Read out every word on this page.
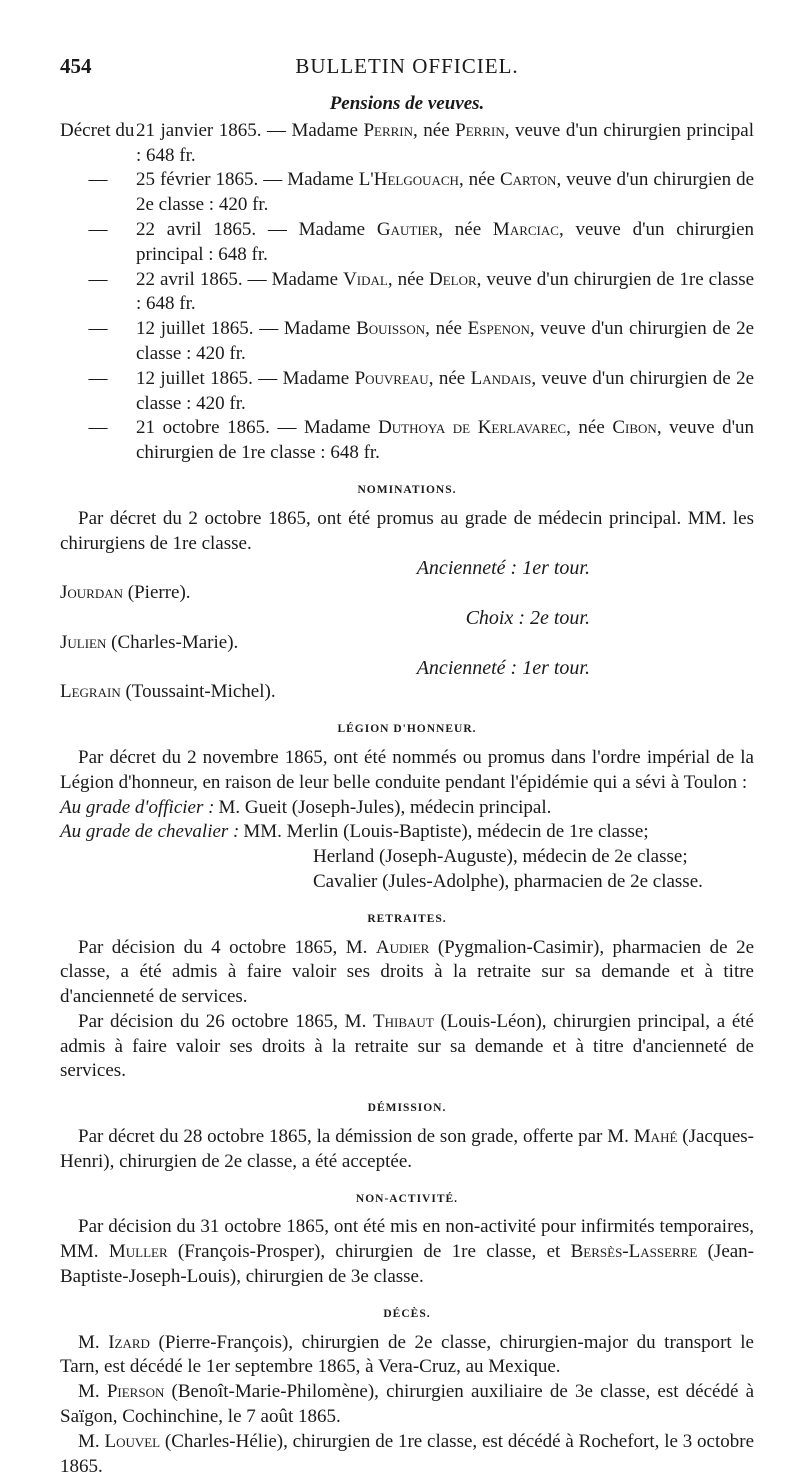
454	BULLETIN OFFICIEL.
Pensions de veuves.
Décret du 21 janvier 1865. — Madame Perrin, née Perrin, veuve d'un chirurgien principal : 648 fr.
—	25 février 1865. — Madame L'Helgouach, née Carton, veuve d'un chirurgien de 2e classe : 420 fr.
—	22 avril 1865. — Madame Gautier, née Marciac, veuve d'un chirurgien principal : 648 fr.
—	22 avril 1865. — Madame Vidal, née Delor, veuve d'un chirurgien de 1re classe : 648 fr.
—	12 juillet 1865. — Madame Bouisson, née Espenon, veuve d'un chirurgien de 2e classe : 420 fr.
—	12 juillet 1865. — Madame Pouvreau, née Landais, veuve d'un chirurgien de 2e classe : 420 fr.
—	21 octobre 1865. — Madame Duthoya de Kerlavarec, née Cibon, veuve d'un chirurgien de 1re classe : 648 fr.
NOMINATIONS.

Par décret du 2 octobre 1865, ont été promus au grade de médecin principal. MM. les chirurgiens de 1re classe.

Ancienneté : 1er tour.

Jourdan (Pierre).

Choix : 2e tour.

Julien (Charles-Marie).

Ancienneté : 1er tour.

Legrain (Toussaint-Michel).

LÉGION D'HONNEUR.

Par décret du 2 novembre 1865, ont été nommés ou promus dans l'ordre impérial de la Légion d'honneur, en raison de leur belle conduite pendant l'épidémie qui a sévi à Toulon :

Au grade d'officier : M. Gueit (Joseph-Jules), médecin principal.
Au grade de chevalier : MM. Merlin (Louis-Baptiste), médecin de 1re classe;

Herland (Joseph-Auguste), médecin de 2e classe;

Cavalier (Jules-Adolphe), pharmacien de 2e classe.

RETRAITES.

Par décision du 4 octobre 1865, M. Audier (Pygmalion-Casimir), pharmacien de 2e classe, a été admis à faire valoir ses droits à la retraite sur sa demande et à titre d'ancienneté de services.

Par décision du 26 octobre 1865, M. Thibaut (Louis-Léon), chirurgien principal, a été admis à faire valoir ses droits à la retraite sur sa demande et à titre d'ancienneté de services.

DÉMISSION.

Par décret du 28 octobre 1865, la démission de son grade, offerte par M. Mahé (Jacques-Henri), chirurgien de 2e classe, a été acceptée.

NON-ACTIVITÉ.

Par décision du 31 octobre 1865, ont été mis en non-activité pour infirmités temporaires, MM. Muller (François-Prosper), chirurgien de 1re classe, et Bersès-Lasserre (Jean-Baptiste-Joseph-Louis), chirurgien de 3e classe.

DÉCÈS.

M. Izard (Pierre-François), chirurgien de 2e classe, chirurgien-major du transport le Tarn, est décédé le 1er septembre 1865, à Vera-Cruz, au Mexique.

M. Pierson (Benoît-Marie-Philomène), chirurgien auxiliaire de 3e classe, est décédé à Saïgon, Cochinchine, le 7 août 1865.

M. Louvel (Charles-Hélie), chirurgien de 1re classe, est décédé à Rochefort, le 3 octobre 1865.
